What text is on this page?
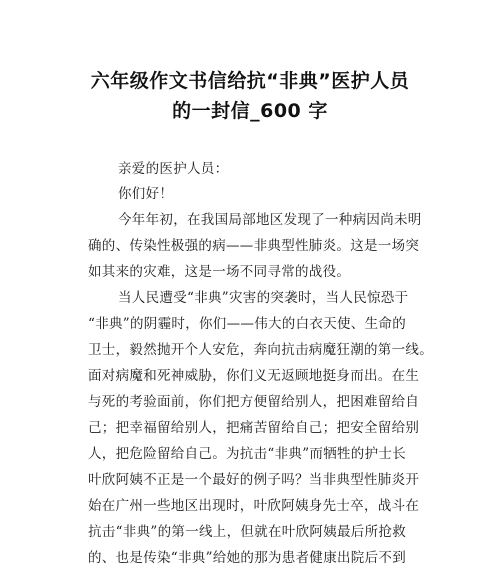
六年级作文书信给抗“非典”医护人员
的一封信_600 字
亲爱的医护人员：
你们好！
今年年初，在我国局部地区发现了一种病因尚未明
确的、传染性极强的病——非典型性肺炎。这是一场突
如其来的灾难，这是一场不同寻常的战役。
当人民遭受“非典”灾害的突袭时，当人民惊恐于
“非典”的阴霾时，你们——伟大的白衣天使、生命的
卫士，毅然抛开个人安危，奔向抗击病魔狂潮的第一线。
面对病魔和死神威胁，你们义无返顾地挺身而出。在生
与死的考验面前，你们把方便留给别人，把困难留给自
己；把幸福留给别人，把痛苦留给自己；把安全留给别
人，把危险留给自己。为抗击“非典”而牺牲的护士长
叶欣阿姨不正是一个最好的例子吗？当非典型性肺炎开
始在广州一些地区出现时，叶欣阿姨身先士卒，战斗在
抗击“非典”的第一线上，但就在叶欣阿姨最后所抢救
的、也是传染“非典”给她的那为患者健康出院后不到
